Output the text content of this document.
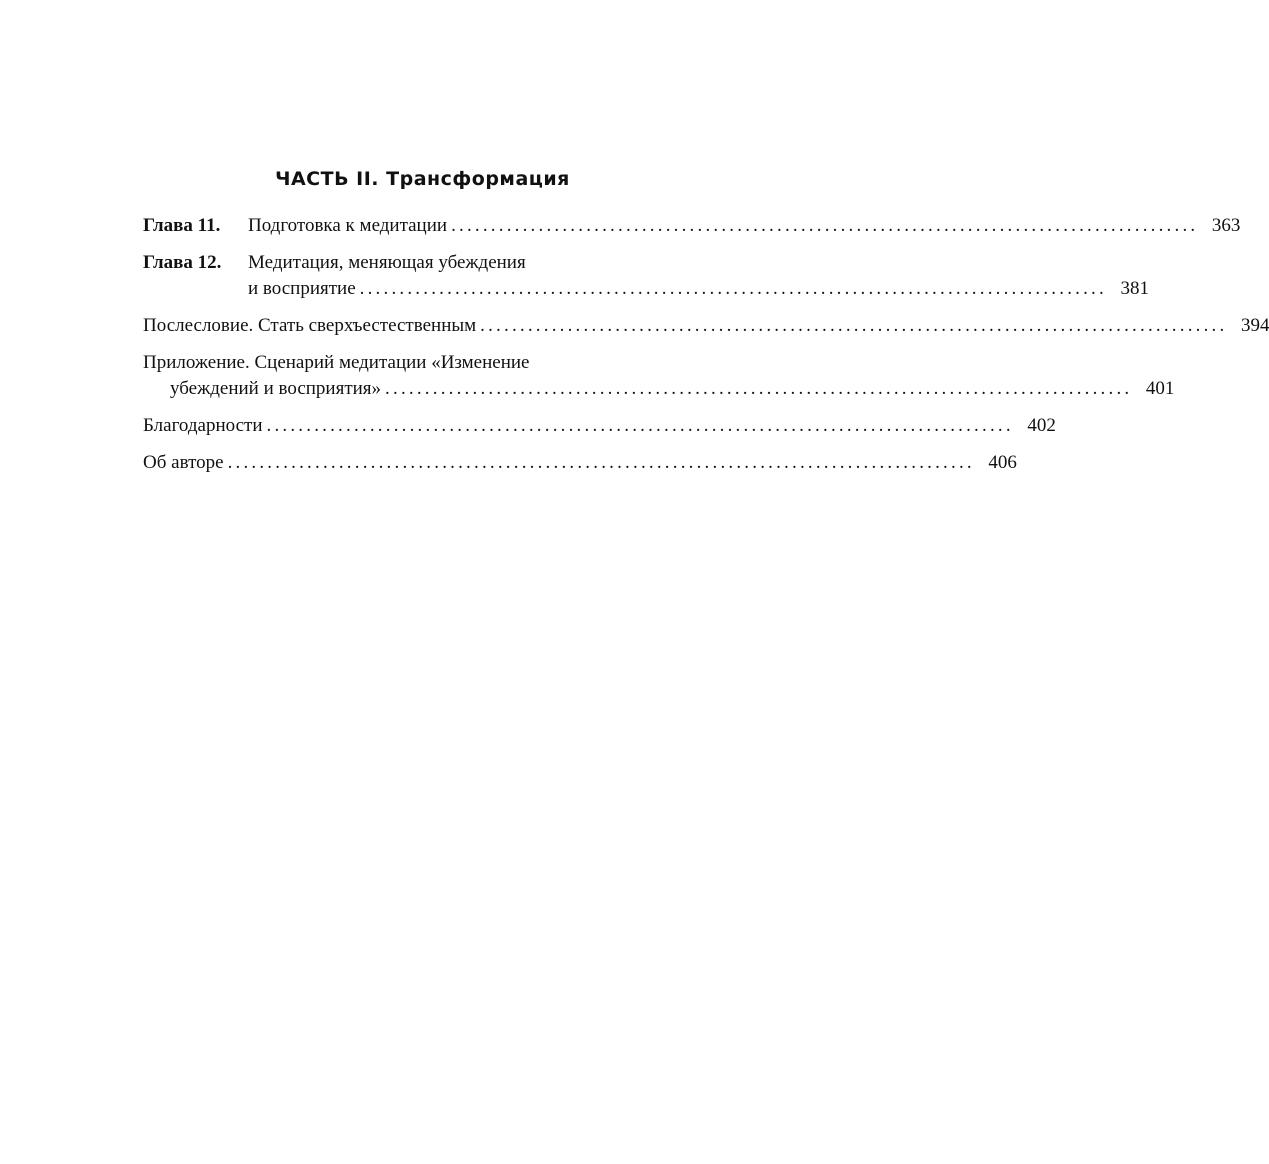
ЧАСТЬ II. Трансформация
Глава 11.	Подготовка к медитации .............................................................................................. 363
Глава 12.	Медитация, меняющая убеждения
и восприятие .............................................................................................. 381
Послесловие. Стать сверхъестественным .............................................................................................. 394
Приложение. Сценарий медитации «Изменение
убеждений и восприятия» .............................................................................................. 401
Благодарности .............................................................................................. 402
Об авторе .............................................................................................. 406
